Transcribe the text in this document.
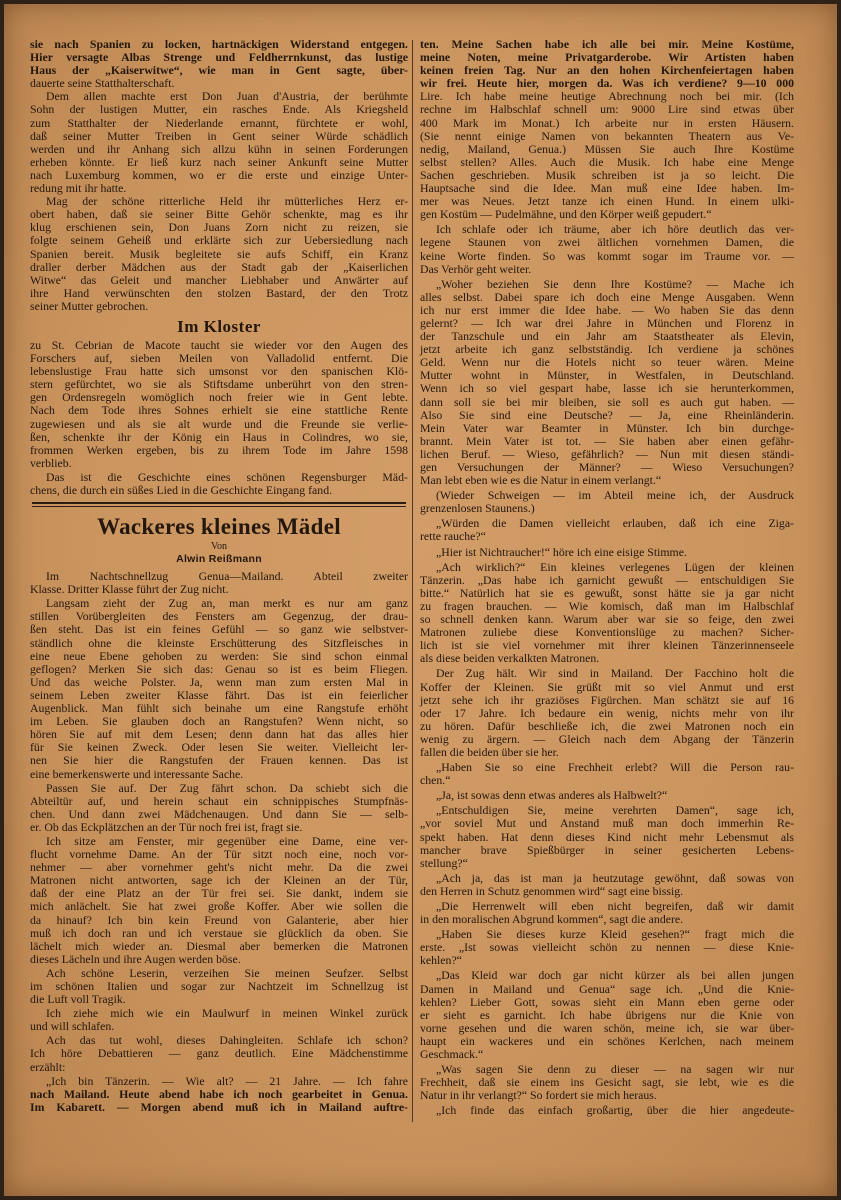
sie nach Spanien zu locken, hartnäckigen Widerstand entgegen.
Hier versagte Albas Strenge und Feldherrnkunst, das lustige
Haus der „Kaiserwitwe“, wie man in Gent sagte, über-
dauerte seine Statthalterschaft.
Dem allen machte erst Don Juan d'Austria, der berühmte
Sohn der lustigen Mutter, ein rasches Ende. Als Kriegsheld
zum Statthalter der Niederlande ernannt, fürchtete er wohl,
daß seiner Mutter Treiben in Gent seiner Würde schädlich
werden und ihr Anhang sich allzu kühn in seinen Forderungen
erheben könnte. Er ließ kurz nach seiner Ankunft seine Mutter
nach Luxemburg kommen, wo er die erste und einzige Unter-
redung mit ihr hatte.
Mag der schöne ritterliche Held ihr mütterliches Herz er-
obert haben, daß sie seiner Bitte Gehör schenkte, mag es ihr
klug erschienen sein, Don Juans Zorn nicht zu reizen, sie
folgte seinem Geheiß und erklärte sich zur Uebersiedlung nach
Spanien bereit. Musik begleitete sie aufs Schiff, ein Kranz
draller derber Mädchen aus der Stadt gab der „Kaiserlichen
Witwe“ das Geleit und mancher Liebhaber und Anwärter auf
ihre Hand verwünschten den stolzen Bastard, der den Trotz
seiner Mutter gebrochen.
Im Kloster
zu St. Cebrian de Macote taucht sie wieder vor den Augen des
Forschers auf, sieben Meilen von Valladolid entfernt. Die
lebenslustige Frau hatte sich umsonst vor den spanischen Klö-
stern gefürchtet, wo sie als Stiftsdame unberührt von den stren-
gen Ordensregeln womöglich noch freier wie in Gent lebte.
Nach dem Tode ihres Sohnes erhielt sie eine stattliche Rente
zugewiesen und als sie alt wurde und die Freunde sie verlie-
ßen, schenkte ihr der König ein Haus in Colindres, wo sie,
frommen Werken ergeben, bis zu ihrem Tode im Jahre 1598
verblieb.
Das ist die Geschichte eines schönen Regensburger Mäd-
chens, die durch ein süßes Lied in die Geschichte Eingang fand.
Wackeres kleines Mädel
Von
Alwin Reißmann
Im Nachtschnellzug Genua—Mailand. Abteil zweiter
Klasse. Dritter Klasse führt der Zug nicht.
Langsam zieht der Zug an, man merkt es nur am ganz
stillen Vorübergleiten des Fensters am Gegenzug, der drau-
ßen steht. Das ist ein feines Gefühl — so ganz wie selbstver-
ständlich ohne die kleinste Erschütterung des Sitzfleisches in
eine neue Ebene gehoben zu werden: Sie sind schon einmal
geflogen? Merken Sie sich das: Genau so ist es beim Fliegen.
Und das weiche Polster. Ja, wenn man zum ersten Mal in
seinem Leben zweiter Klasse fährt. Das ist ein feierlicher
Augenblick. Man fühlt sich beinahe um eine Rangstufe erhöht
im Leben. Sie glauben doch an Rangstufen? Wenn nicht, so
hören Sie auf mit dem Lesen; denn dann hat das alles hier
für Sie keinen Zweck. Oder lesen Sie weiter. Vielleicht ler-
nen Sie hier die Rangstufen der Frauen kennen. Das ist
eine bemerkenswerte und interessante Sache.
Passen Sie auf. Der Zug fährt schon. Da schiebt sich die
Abteiltür auf, und herein schaut ein schnippisches Stumpfnäs-
chen. Und dann zwei Mädchenaugen. Und dann Sie — selb-
er. Ob das Eckplätzchen an der Tür noch frei ist, fragt sie.
Ich sitze am Fenster, mir gegenüber eine Dame, eine ver-
flucht vornehme Dame. An der Tür sitzt noch eine, noch vor-
nehmer — aber vornehmer geht's nicht mehr. Da die zwei
Matronen nicht antworten, sage ich der Kleinen an der Tür,
daß der eine Platz an der Tür frei sei. Sie dankt, indem sie
mich anlächelt. Sie hat zwei große Koffer. Aber wie sollen die
da hinauf? Ich bin kein Freund von Galanterie, aber hier
muß ich doch ran und ich verstaue sie glücklich da oben. Sie
lächelt mich wieder an. Diesmal aber bemerken die Matronen
dieses Lächeln und ihre Augen werden böse.
Ach schöne Leserin, verzeihen Sie meinen Seufzer. Selbst
im schönen Italien und sogar zur Nachtzeit im Schnellzug ist
die Luft voll Tragik.
Ich ziehe mich wie ein Maulwurf in meinen Winkel zurück
und will schlafen.
Ach das tut wohl, dieses Dahingleiten. Schlafe ich schon?
Ich höre Debattieren — ganz deutlich. Eine Mädchenstimme
erzählt:
„Ich bin Tänzerin. — Wie alt? — 21 Jahre. — Ich fahre
nach Mailand. Heute abend habe ich noch gearbeitet in Genua.
Im Kabarett. — Morgen abend muß ich in Mailand auftre-
ten. Meine Sachen habe ich alle bei mir. Meine Kostüme,
meine Noten, meine Privatgarderobe. Wir Artisten haben
keinen freien Tag. Nur an den hohen Kirchenfeiertagen haben
wir frei. Heute hier, morgen da. Was ich verdiene? 9—10 000
Lire. Ich habe meine heutige Abrechnung noch bei mir. (Ich
rechne im Halbschlaf schnell um: 9000 Lire sind etwas über
400 Mark im Monat.) Ich arbeite nur in ersten Häusern.
(Sie nennt einige Namen von bekannten Theatern aus Ve-
nedig, Mailand, Genua.) Müssen Sie auch Ihre Kostüme
selbst stellen? Alles. Auch die Musik. Ich habe eine Menge
Sachen geschrieben. Musik schreiben ist ja so leicht. Die
Hauptsache sind die Idee. Man muß eine Idee haben. Im-
mer was Neues. Jetzt tanze ich einen Hund. In einem ulki-
gen Kostüm — Pudelmähne, und den Körper weiß gepudert.“
Ich schlafe oder ich träume, aber ich höre deutlich das ver-
legene Staunen von zwei ältlichen vornehmen Damen, die
keine Worte finden. So was kommt sogar im Traume vor. —
Das Verhör geht weiter.
„Woher beziehen Sie denn Ihre Kostüme? — Mache ich
alles selbst. Dabei spare ich doch eine Menge Ausgaben. Wenn
ich nur erst immer die Idee habe. — Wo haben Sie das denn
gelernt? — Ich war drei Jahre in München und Florenz in
der Tanzschule und ein Jahr am Staatstheater als Elevin,
jetzt arbeite ich ganz selbstständig. Ich verdiene ja schönes
Geld. Wenn nur die Hotels nicht so teuer wären. Meine
Mutter wohnt in Münster, in Westfalen, in Deutschland.
Wenn ich so viel gespart habe, lasse ich sie herunterkommen,
dann soll sie bei mir bleiben, sie soll es auch gut haben. —
Also Sie sind eine Deutsche? — Ja, eine Rheinländerin.
Mein Vater war Beamter in Münster. Ich bin durchge-
brannt. Mein Vater ist tot. — Sie haben aber einen gefähr-
lichen Beruf. — Wieso, gefährlich? — Nun mit diesen ständi-
gen Versuchungen der Männer? — Wieso Versuchungen?
Man lebt eben wie es die Natur in einem verlangt.“
(Wieder Schweigen — im Abteil meine ich, der Ausdruck
grenzenlosen Staunens.)
„Würden die Damen vielleicht erlauben, daß ich eine Ziga-
rette rauche?“
„Hier ist Nichtraucher!“ höre ich eine eisige Stimme.
„Ach wirklich?“ Ein kleines verlegenes Lügen der kleinen
Tänzerin. „Das habe ich garnicht gewußt — entschuldigen Sie
bitte.“ Natürlich hat sie es gewußt, sonst hätte sie ja gar nicht
zu fragen brauchen. — Wie komisch, daß man im Halbschlaf
so schnell denken kann. Warum aber war sie so feige, den zwei
Matronen zuliebe diese Konventionslüge zu machen? Sicher-
lich ist sie viel vornehmer mit ihrer kleinen Tänzerinnenseele
als diese beiden verkalkten Matronen.
Der Zug hält. Wir sind in Mailand. Der Facchino holt die
Koffer der Kleinen. Sie grüßt mit so viel Anmut und erst
jetzt sehe ich ihr graziöses Figürchen. Man schätzt sie auf 16
oder 17 Jahre. Ich bedaure ein wenig, nichts mehr von ihr
zu hören. Dafür beschließe ich, die zwei Matronen noch ein
wenig zu ärgern. — Gleich nach dem Abgang der Tänzerin
fallen die beiden über sie her.
„Haben Sie so eine Frechheit erlebt? Will die Person rau-
chen.“
„Ja, ist sowas denn etwas anderes als Halbwelt?“
„Entschuldigen Sie, meine verehrten Damen“, sage ich,
„vor soviel Mut und Anstand muß man doch immerhin Re-
spekt haben. Hat denn dieses Kind nicht mehr Lebensmut als
mancher brave Spießbürger in seiner gesicherten Lebens-
stellung?“
„Ach ja, das ist man ja heutzutage gewöhnt, daß sowas von
den Herren in Schutz genommen wird“ sagt eine bissig.
„Die Herrenwelt will eben nicht begreifen, daß wir damit
in den moralischen Abgrund kommen“, sagt die andere.
„Haben Sie dieses kurze Kleid gesehen?“ fragt mich die
erste. „Ist sowas vielleicht schön zu nennen — diese Knie-
kehlen?“
„Das Kleid war doch gar nicht kürzer als bei allen jungen
Damen in Mailand und Genua“ sage ich. „Und die Knie-
kehlen? Lieber Gott, sowas sieht ein Mann eben gerne oder
er sieht es garnicht. Ich habe übrigens nur die Knie von
vorne gesehen und die waren schön, meine ich, sie war über-
haupt ein wackeres und ein schönes Kerlchen, nach meinem
Geschmack.“
„Was sagen Sie denn zu dieser — na sagen wir nur
Frechheit, daß sie einem ins Gesicht sagt, sie lebt, wie es die
Natur in ihr verlangt?“ So fordert sie mich heraus.
„Ich finde das einfach großartig, über die hier angedeute-
